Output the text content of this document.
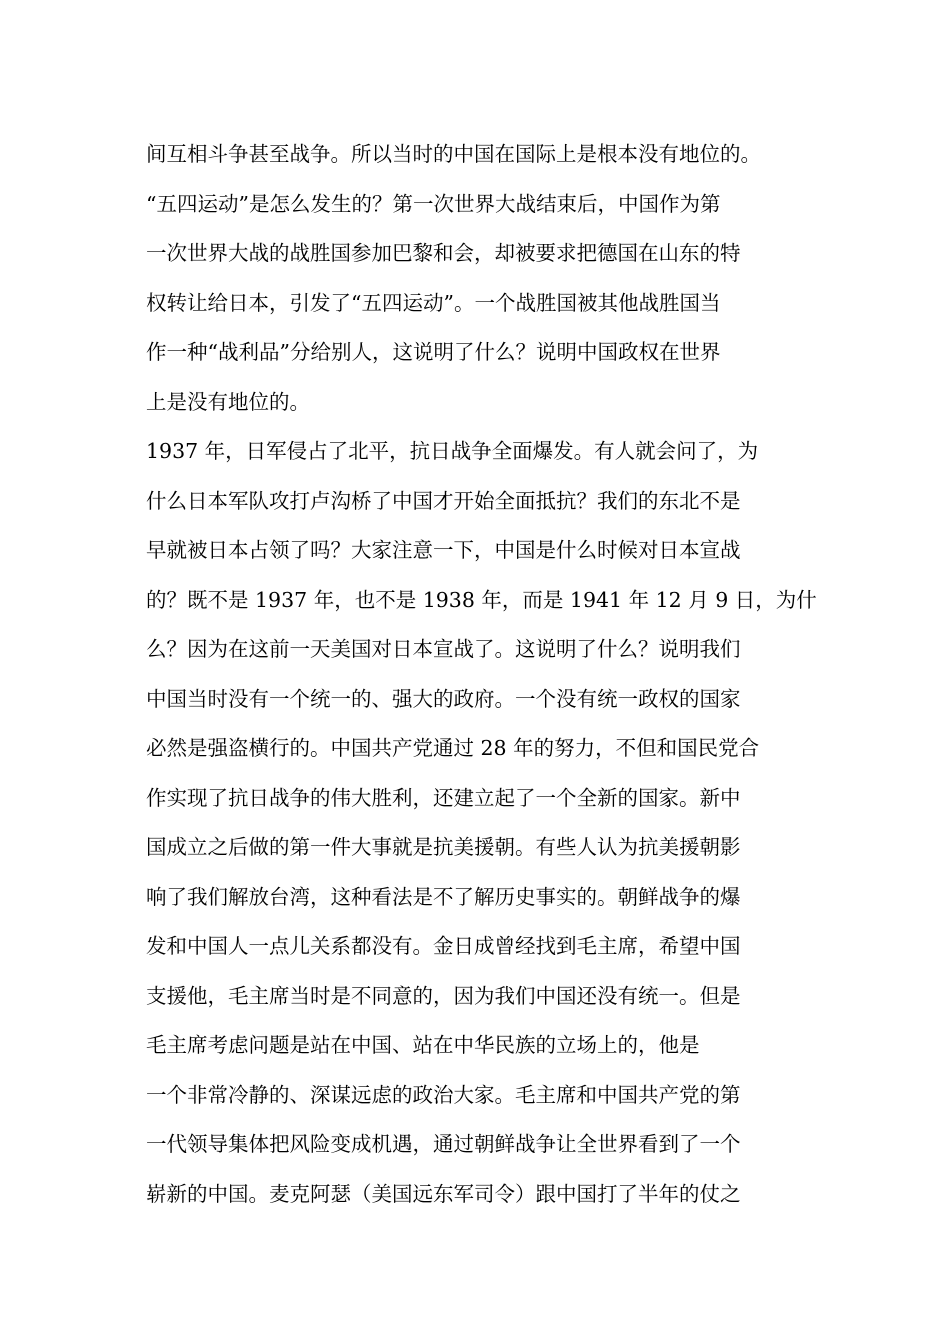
间互相斗争甚至战争。所以当时的中国在国际上是根本没有地位的。
“五四运动”是怎么发生的？第一次世界大战结束后，中国作为第
一次世界大战的战胜国参加巴黎和会，却被要求把德国在山东的特
权转让给日本，引发了“五四运动”。一个战胜国被其他战胜国当
作一种“战利品”分给别人，这说明了什么？说明中国政权在世界
上是没有地位的。
1937 年，日军侵占了北平，抗日战争全面爆发。有人就会问了，为
什么日本军队攻打卢沟桥了中国才开始全面抵抗？我们的东北不是
早就被日本占领了吗？大家注意一下，中国是什么时候对日本宣战
的？既不是 1937 年，也不是 1938 年，而是 1941 年 12 月 9 日，为什
么？因为在这前一天美国对日本宣战了。这说明了什么？说明我们
中国当时没有一个统一的、强大的政府。一个没有统一政权的国家
必然是强盗横行的。中国共产党通过 28 年的努力，不但和国民党合
作实现了抗日战争的伟大胜利，还建立起了一个全新的国家。新中
国成立之后做的第一件大事就是抗美援朝。有些人认为抗美援朝影
响了我们解放台湾，这种看法是不了解历史事实的。朝鲜战争的爆
发和中国人一点儿关系都没有。金日成曾经找到毛主席，希望中国
支援他，毛主席当时是不同意的，因为我们中国还没有统一。但是
毛主席考虑问题是站在中国、站在中华民族的立场上的，他是
一个非常冷静的、深谋远虑的政治大家。毛主席和中国共产党的第
一代领导集体把风险变成机遇，通过朝鲜战争让全世界看到了一个
崭新的中国。麦克阿瑟（美国远东军司令）跟中国打了半年的仗之
